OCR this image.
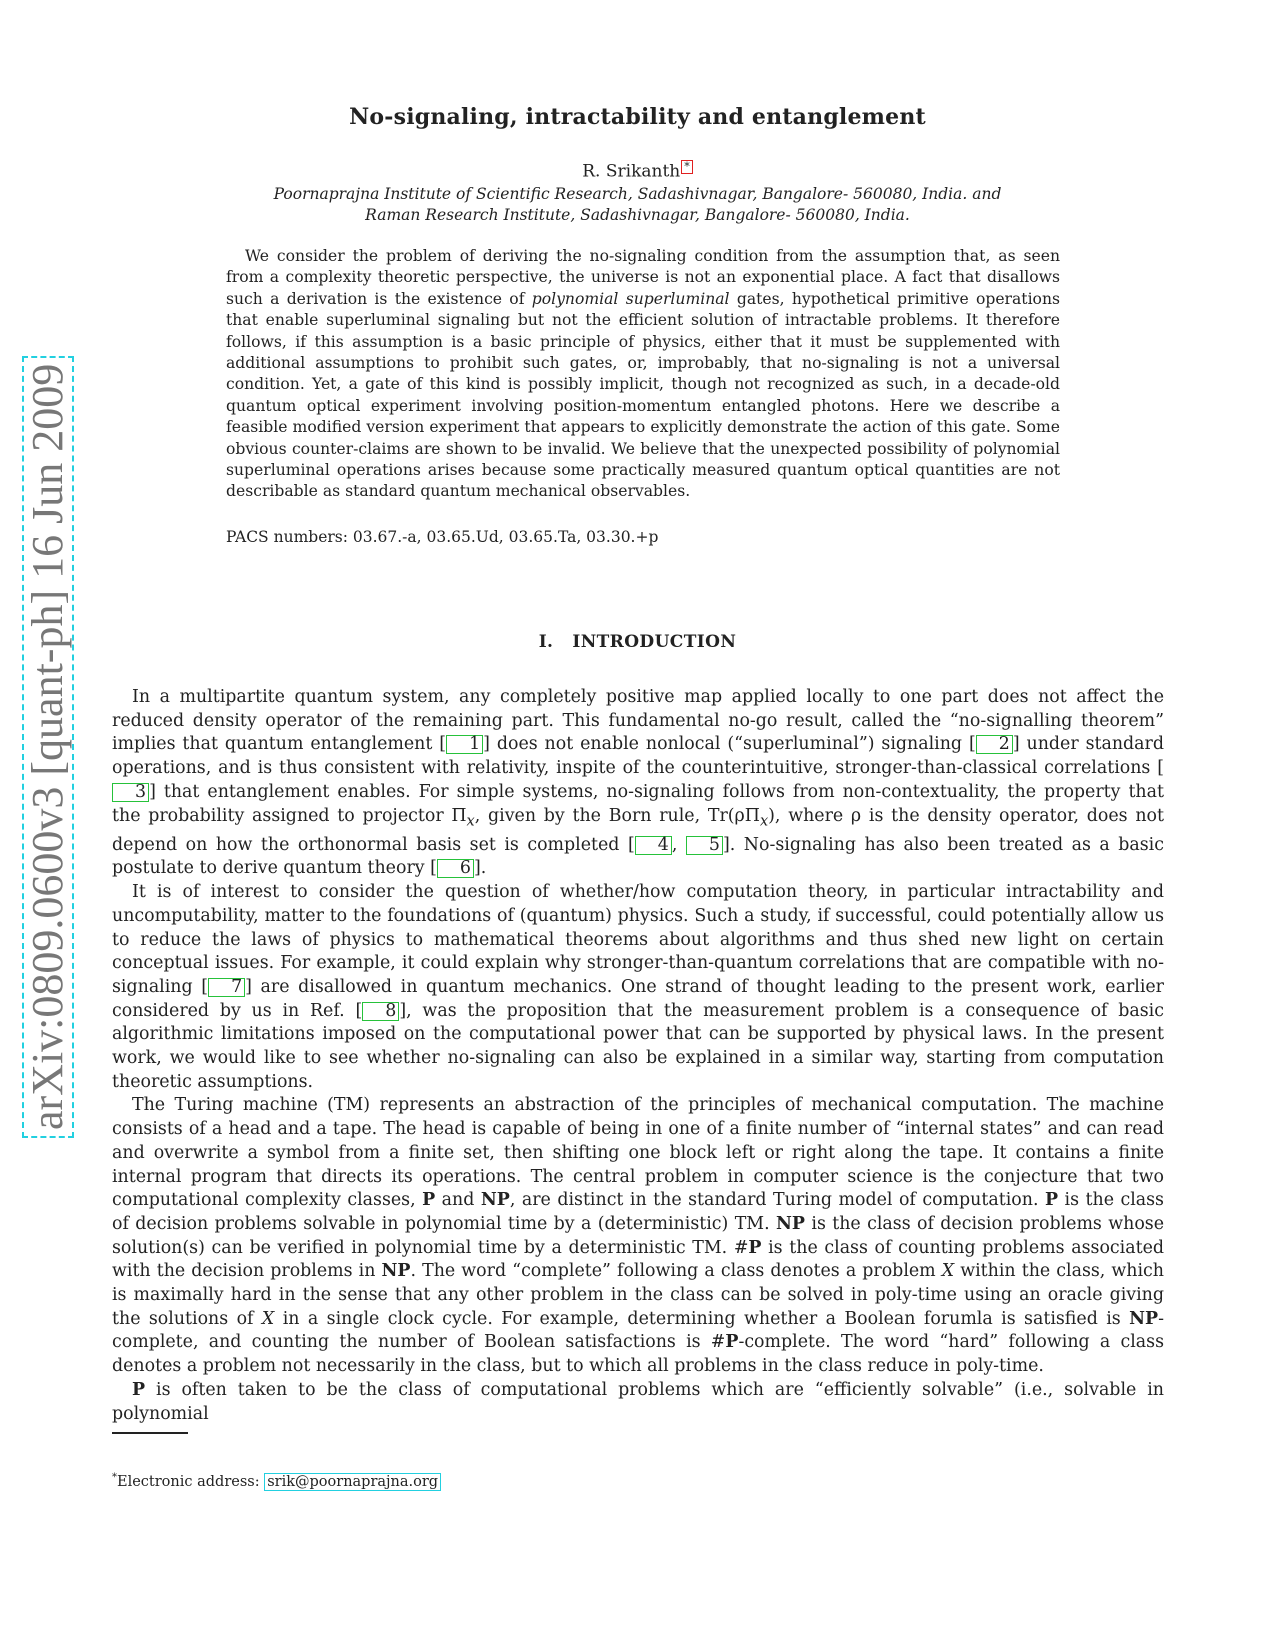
arXiv:0809.0600v3 [quant-ph] 16 Jun 2009
No-signaling, intractability and entanglement
R. Srikanth *
Poornaprajna Institute of Scientific Research, Sadashivnagar, Bangalore- 560080, India. and
Raman Research Institute, Sadashivnagar, Bangalore- 560080, India.

We consider the problem of deriving the no-signaling condition from the assumption that, as seen from a complexity theoretic perspective, the universe is not an exponential place. A fact that disallows such a derivation is the existence of polynomial superluminal gates, hypothetical primitive operations that enable superluminal signaling but not the efficient solution of intractable problems. It therefore follows, if this assumption is a basic principle of physics, either that it must be supplemented with additional assumptions to prohibit such gates, or, improbably, that no-signaling is not a universal condition. Yet, a gate of this kind is possibly implicit, though not recognized as such, in a decade-old quantum optical experiment involving position-momentum entangled photons. Here we describe a feasible modified version experiment that appears to explicitly demonstrate the action of this gate. Some obvious counter-claims are shown to be invalid. We believe that the unexpected possibility of polynomial superluminal operations arises because some practically measured quantum optical quantities are not describable as standard quantum mechanical observables.

PACS numbers: 03.67.-a, 03.65.Ud, 03.65.Ta, 03.30.+p
I. INTRODUCTION

In a multipartite quantum system, any completely positive map applied locally to one part does not affect the reduced density operator of the remaining part. This fundamental no-go result, called the “no-signalling theorem” implies that quantum entanglement [ 1 ] does not enable nonlocal (“superluminal”) signaling [ 2 ] under standard operations, and is thus consistent with relativity, inspite of the counterintuitive, stronger-than-classical correlations [3 ] that entanglement enables. For simple systems, no-signaling follows from non-contextuality, the property that the probability assigned to projector $\Pi_x$, given by the Born rule, $Tr(\rho\Pi_x)$, where ρ is the density operator, does not depend on how the orthonormal basis set is completed [ 4 , 5 ]. No-signaling has also been treated as a basic postulate to derive quantum theory [ 6 ].

It is of interest to consider the question of whether/how computation theory, in particular intractability and uncomputability, matter to the foundations of (quantum) physics. Such a study, if successful, could potentially allow us to reduce the laws of physics to mathematical theorems about algorithms and thus shed new light on certain conceptual issues. For example, it could explain why stronger-than-quantum correlations that are compatible with no-signaling [ 7 ] are disallowed in quantum mechanics. One strand of thought leading to the present work, earlier considered by us in Ref. [ 8 ], was the proposition that the measurement problem is a consequence of basic algorithmic limitations imposed on the computational power that can be supported by physical laws. In the present work, we would like to see whether no-signaling can also be explained in a similar way, starting from computation theoretic assumptions.

The Turing machine (TM) represents an abstraction of the principles of mechanical computation. The machine consists of a head and a tape. The head is capable of being in one of a finite number of “internal states” and can read and overwrite a symbol from a finite set, then shifting one block left or right along the tape. It contains a finite internal program that directs its operations. The central problem in computer science is the conjecture that two computational complexity classes, P and NP, are distinct in the standard Turing model of computation. P is the class of decision problems solvable in polynomial time by a (deterministic) TM. NP is the class of decision problems whose solution(s) can be verified in polynomial time by a deterministic TM. #P is the class of counting problems associated with the decision problems in NP. The word “complete” following a class denotes a problem X within the class, which is maximally hard in the sense that any other problem in the class can be solved in poly-time using an oracle giving the solutions of X in a single clock cycle. For example, determining whether a Boolean forumla is satisfied is NP-complete, and counting the number of Boolean satisfactions is #P-complete. The word “hard” following a class denotes a problem not necessarily in the class, but to which all problems in the class reduce in poly-time.

P is often taken to be the class of computational problems which are “efficiently solvable” (i.e., solvable in polynomial

*Electronic address: srik@poornaprajna.org
